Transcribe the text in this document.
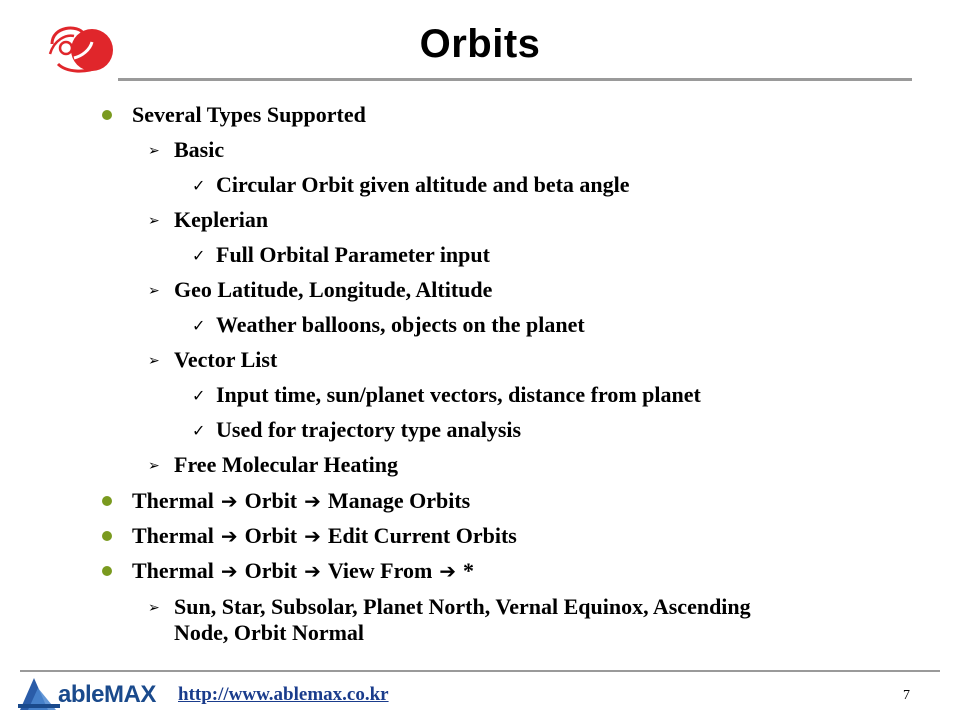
Orbits
Several Types Supported
➢ Basic
✓ Circular Orbit given altitude and beta angle
➢ Keplerian
✓ Full Orbital Parameter input
➢ Geo Latitude, Longitude, Altitude
✓ Weather balloons, objects on the planet
➢ Vector List
✓ Input time, sun/planet vectors, distance from planet
✓ Used for trajectory type analysis
➢ Free Molecular Heating
Thermal ➔ Orbit ➔ Manage Orbits
Thermal ➔ Orbit ➔ Edit Current Orbits
Thermal ➔ Orbit ➔ View From ➔ *
➢ Sun, Star, Subsolar, Planet North, Vernal Equinox, Ascending
Node, Orbit Normal
ableMAX http://www.ablemax.co.kr	7
